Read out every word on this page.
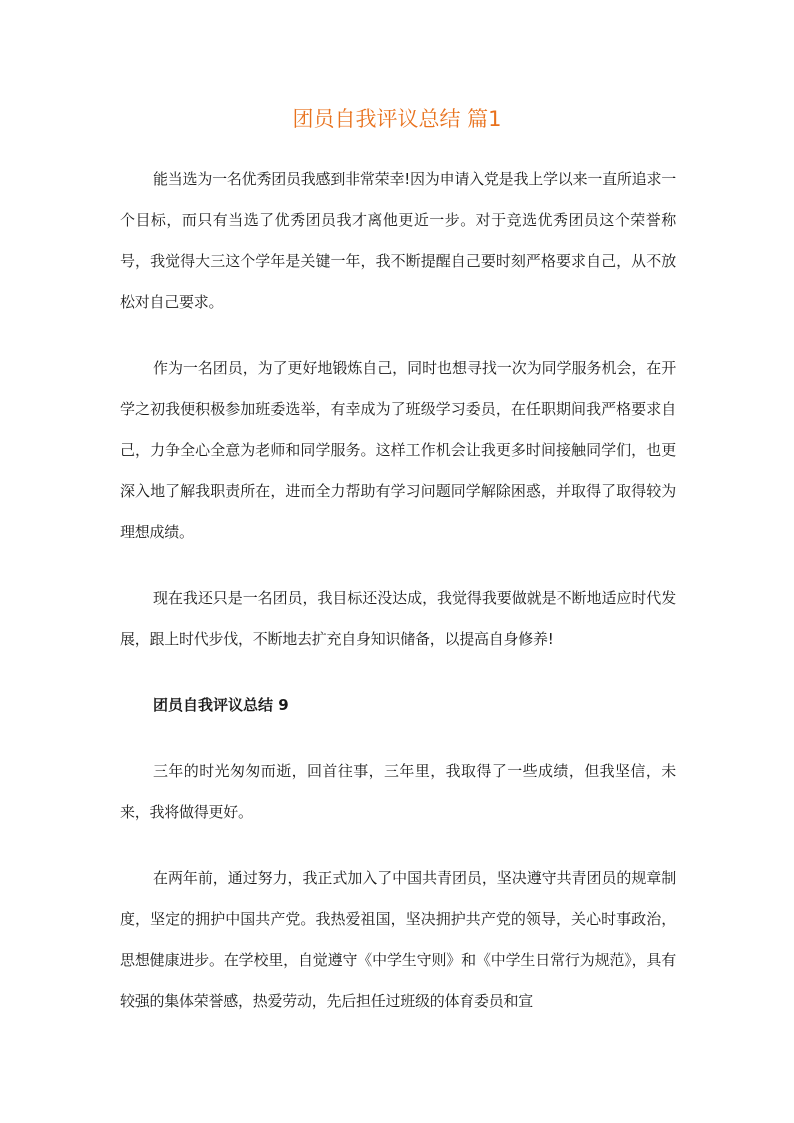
团员自我评议总结 篇1

能当选为一名优秀团员我感到非常荣幸!因为申请入党是我上学以来一直所追求一个目标，而只有当选了优秀团员我才离他更近一步。对于竞选优秀团员这个荣誉称号，我觉得大三这个学年是关键一年，我不断提醒自己要时刻严格要求自己，从不放松对自己要求。

作为一名团员，为了更好地锻炼自己，同时也想寻找一次为同学服务机会，在开学之初我便积极参加班委选举，有幸成为了班级学习委员，在任职期间我严格要求自己，力争全心全意为老师和同学服务。这样工作机会让我更多时间接触同学们，也更深入地了解我职责所在，进而全力帮助有学习问题同学解除困惑，并取得了取得较为理想成绩。

现在我还只是一名团员，我目标还没达成，我觉得我要做就是不断地适应时代发展，跟上时代步伐，不断地去扩充自身知识储备，以提高自身修养!

团员自我评议总结 9

三年的时光匆匆而逝，回首往事，三年里，我取得了一些成绩，但我坚信，未来，我将做得更好。

在两年前，通过努力，我正式加入了中国共青团员，坚决遵守共青团员的规章制度，坚定的拥护中国共产党。我热爱祖国，坚决拥护共产党的领导，关心时事政治，思想健康进步。在学校里，自觉遵守《中学生守则》和《中学生日常行为规范》，具有较强的集体荣誉感，热爱劳动，先后担任过班级的体育委员和宣
